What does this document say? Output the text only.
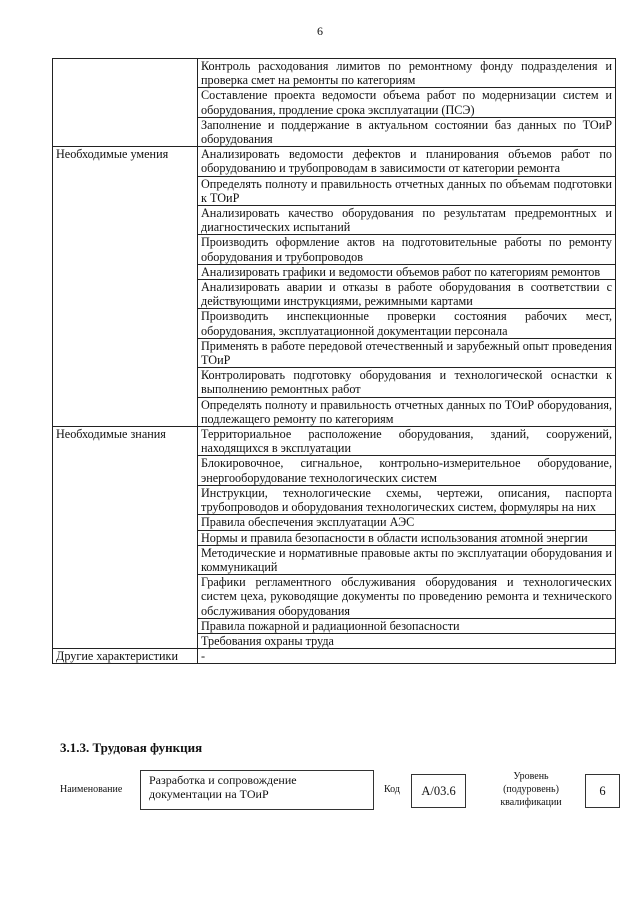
6
	Контроль расходования лимитов по ремонтному фонду подразделения и проверка смет на ремонты по категориям
	Составление проекта ведомости объема работ по модернизации систем и оборудования, продление срока эксплуатации (ПСЭ)
	Заполнение и поддержание в актуальном состоянии баз данных по ТОиР оборудования
Необходимые умения	Анализировать ведомости дефектов и планирования объемов работ по оборудованию и трубопроводам в зависимости от категории ремонта
	Определять полноту и правильность отчетных данных по объемам подготовки к ТОиР
	Анализировать качество оборудования по результатам предремонтных и диагностических испытаний
	Производить оформление актов на подготовительные работы по ремонту оборудования и трубопроводов
	Анализировать графики и ведомости объемов работ по категориям ремонтов
	Анализировать аварии и отказы в работе оборудования в соответствии с действующими инструкциями, режимными картами
	Производить инспекционные проверки состояния рабочих мест, оборудования, эксплуатационной документации персонала
	Применять в работе передовой отечественный и зарубежный опыт проведения ТОиР
	Контролировать подготовку оборудования и технологической оснастки к выполнению ремонтных работ
	Определять полноту и правильность отчетных данных по ТОиР оборудования, подлежащего ремонту по категориям
Необходимые знания	Территориальное расположение оборудования, зданий, сооружений, находящихся в эксплуатации
	Блокировочное, сигнальное, контрольно-измерительное оборудование, энергооборудование технологических систем
	Инструкции, технологические схемы, чертежи, описания, паспорта трубопроводов и оборудования технологических систем, формуляры на них
	Правила обеспечения эксплуатации АЭС
	Нормы и правила безопасности в области использования атомной энергии
	Методические и нормативные правовые акты по эксплуатации оборудования и коммуникаций
	Графики регламентного обслуживания оборудования и технологических систем цеха, руководящие документы по проведению ремонта и технического обслуживания оборудования
	Правила пожарной и радиационной безопасности
	Требования охраны труда
Другие характеристики	-
3.1.3. Трудовая функция
Наименование
Разработка и сопровождение документации на ТОиР	Код	А/03.6
Уровень (подуровень) квалификации
6
